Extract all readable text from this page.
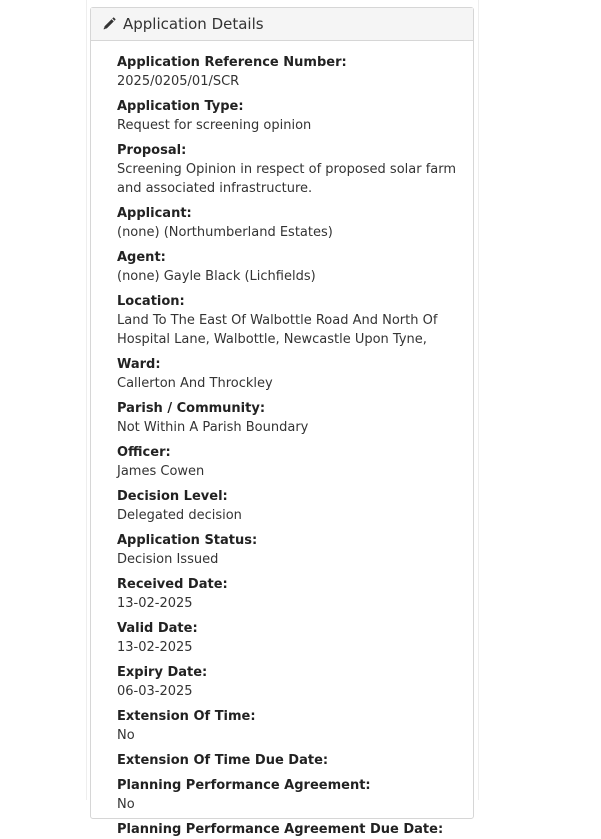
Application Details
Application Reference Number:
2025/0205/01/SCR
Application Type:
Request for screening opinion
Proposal:
Screening Opinion in respect of proposed solar farm
and associated infrastructure.
Applicant:
(none) (Northumberland Estates)
Agent:
(none) Gayle Black (Lichfields)
Location:
Land To The East Of Walbottle Road And North Of
Hospital Lane, Walbottle, Newcastle Upon Tyne,
Ward:
Callerton And Throckley
Parish / Community:
Not Within A Parish Boundary
Officer:
James Cowen
Decision Level:
Delegated decision
Application Status:
Decision Issued
Received Date:
13-02-2025
Valid Date:
13-02-2025
Expiry Date:
06-03-2025
Extension Of Time:
No
Extension Of Time Due Date:
Planning Performance Agreement:
No
Planning Performance Agreement Due Date:
